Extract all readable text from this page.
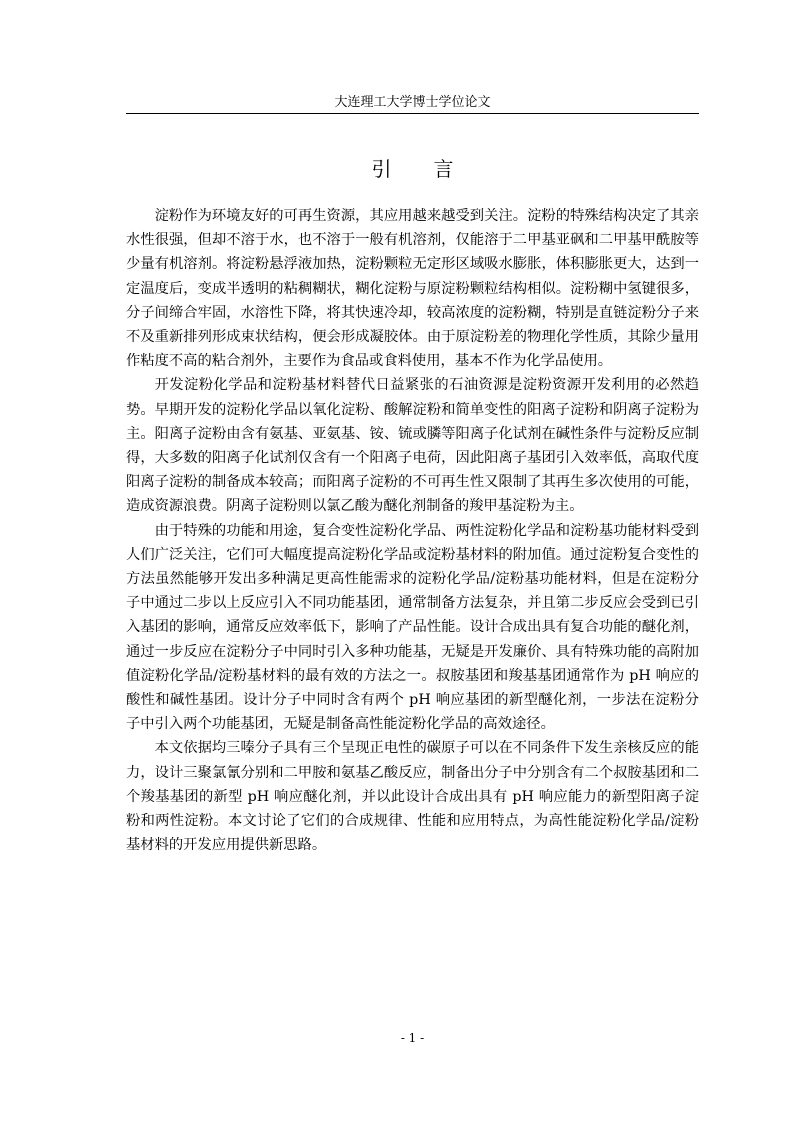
大连理工大学博士学位论文
引 言

淀粉作为环境友好的可再生资源，其应用越来越受到关注。淀粉的特殊结构决定了其亲水性很强，但却不溶于水，也不溶于一般有机溶剂，仅能溶于二甲基亚砜和二甲基甲酰胺等少量有机溶剂。将淀粉悬浮液加热，淀粉颗粒无定形区域吸水膨胀，体积膨胀更大，达到一定温度后，变成半透明的粘稠糊状，糊化淀粉与原淀粉颗粒结构相似。淀粉糊中氢键很多，分子间缔合牢固，水溶性下降，将其快速冷却，较高浓度的淀粉糊，特别是直链淀粉分子来不及重新排列形成束状结构，便会形成凝胶体。由于原淀粉差的物理化学性质，其除少量用作粘度不高的粘合剂外，主要作为食品或食料使用，基本不作为化学品使用。

开发淀粉化学品和淀粉基材料替代日益紧张的石油资源是淀粉资源开发利用的必然趋势。早期开发的淀粉化学品以氧化淀粉、酸解淀粉和简单变性的阳离子淀粉和阴离子淀粉为主。阳离子淀粉由含有氨基、亚氨基、铵、锍或膦等阳离子化试剂在碱性条件与淀粉反应制得，大多数的阳离子化试剂仅含有一个阳离子电荷，因此阳离子基团引入效率低，高取代度阳离子淀粉的制备成本较高；而阳离子淀粉的不可再生性又限制了其再生多次使用的可能，造成资源浪费。阴离子淀粉则以氯乙酸为醚化剂制备的羧甲基淀粉为主。

由于特殊的功能和用途，复合变性淀粉化学品、两性淀粉化学品和淀粉基功能材料受到人们广泛关注，它们可大幅度提高淀粉化学品或淀粉基材料的附加值。通过淀粉复合变性的方法虽然能够开发出多种满足更高性能需求的淀粉化学品/淀粉基功能材料，但是在淀粉分子中通过二步以上反应引入不同功能基团，通常制备方法复杂，并且第二步反应会受到已引入基团的影响，通常反应效率低下，影响了产品性能。设计合成出具有复合功能的醚化剂，通过一步反应在淀粉分子中同时引入多种功能基，无疑是开发廉价、具有特殊功能的高附加值淀粉化学品/淀粉基材料的最有效的方法之一。叔胺基团和羧基基团通常作为 pH 响应的酸性和碱性基团。设计分子中同时含有两个 pH 响应基团的新型醚化剂，一步法在淀粉分子中引入两个功能基团，无疑是制备高性能淀粉化学品的高效途径。

本文依据均三嗪分子具有三个呈现正电性的碳原子可以在不同条件下发生亲核反应的能力，设计三聚氯氰分别和二甲胺和氨基乙酸反应，制备出分子中分别含有二个叔胺基团和二个羧基基团的新型 pH 响应醚化剂，并以此设计合成出具有 pH 响应能力的新型阳离子淀粉和两性淀粉。本文讨论了它们的合成规律、性能和应用特点，为高性能淀粉化学品/淀粉基材料的开发应用提供新思路。

- 1 -
